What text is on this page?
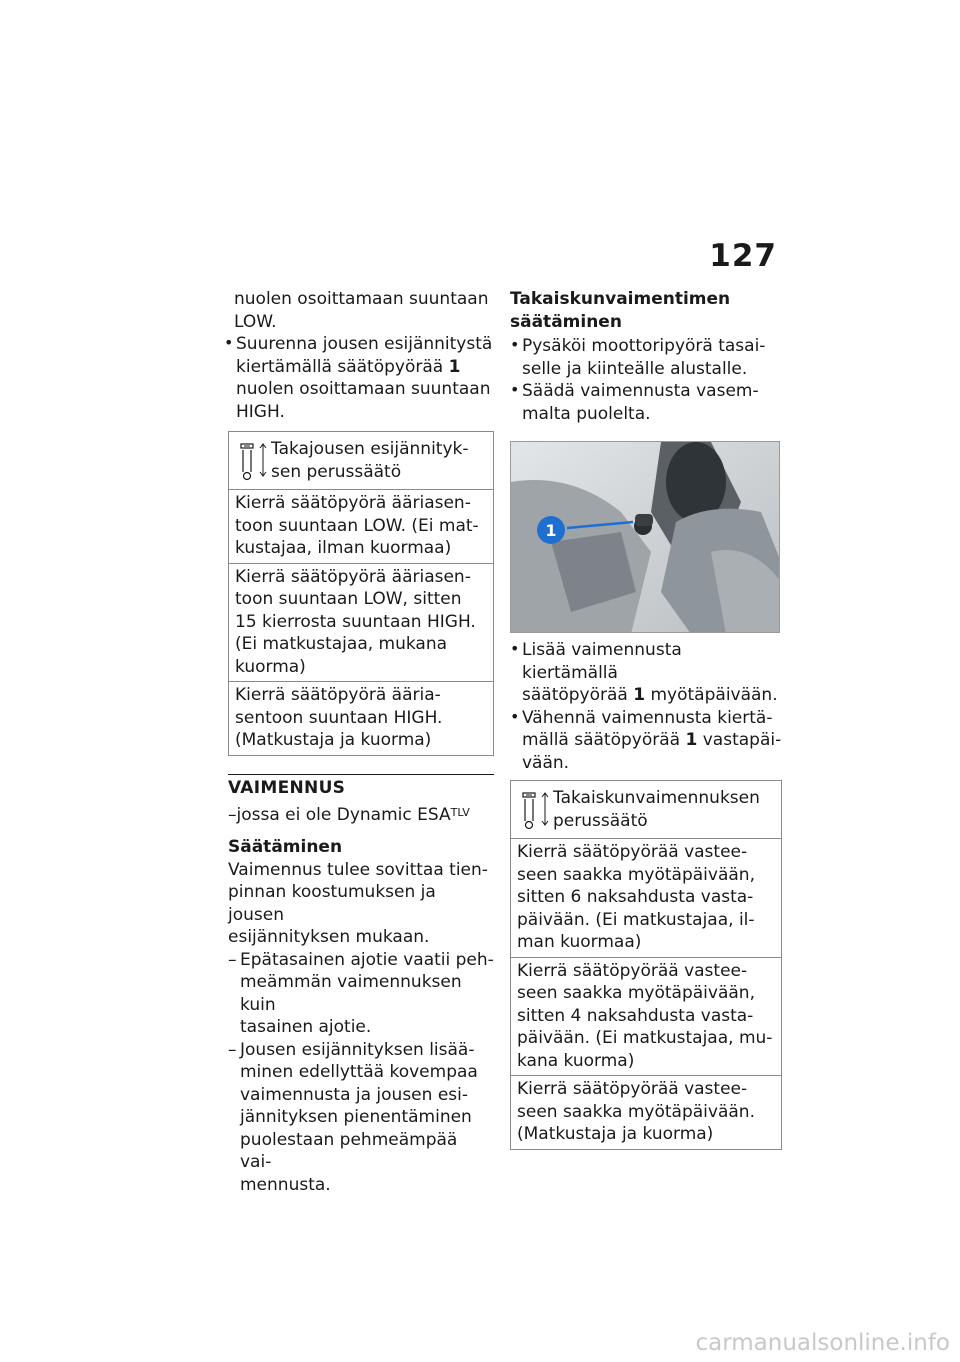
127

nuolen osoittamaan suuntaan

LOW.

• Suurenna jousen esijännitystä

kiertämällä säätöpyörää 1

nuolen osoittamaan suuntaan

HIGH.

Takajousen esijännityk-
sen perussäätö
Kierrä säätöpyörä ääriasen-
toon suuntaan LOW. (Ei mat-
kustajaa, ilman kuormaa)
Kierrä säätöpyörä ääriasen-
toon suuntaan LOW, sitten
15 kierrosta suuntaan HIGH.
(Ei matkustajaa, mukana
kuorma)
Kierrä säätöpyörä ääria-
sentoon suuntaan HIGH.
(Matkustaja ja kuorma)

VAIMENNUS

–jossa ei ole Dynamic $ESA^{TLV}$

Säätäminen

Vaimennus tulee sovittaa tien-
pinnan koostumuksen ja jousen
esijännityksen mukaan.

– Epätasainen ajotie vaatii peh-
meämmän vaimennuksen kuin
tasainen ajotie.

– Jousen esijännityksen lisää-
minen edellyttää kovempaa
vaimennusta ja jousen esi-
jännityksen pienentäminen
puolestaan pehmeämpää vai-
mennusta.

Takaiskunvaimentimen
säätäminen

• Pysäköi moottoripyörä tasai-
selle ja kiinteälle alustalle.

• Säädä vaimennusta vasem-
malta puolelta.

1

• Lisää vaimennusta kiertämällä

säätöpyörää 1 myötäpäivään.

• Vähennä vaimennusta kiertä-

mällä säätöpyörää 1 vastapäi-

vään.

Takaiskunvaimennuksen
perussäätö
Kierrä säätöpyörää vastee-
seen saakka myötäpäivään,
sitten 6 naksahdusta vasta-
päivään. (Ei matkustajaa, il-
man kuormaa)
Kierrä säätöpyörää vastee-
seen saakka myötäpäivään,
sitten 4 naksahdusta vasta-
päivään. (Ei matkustajaa, mu-
kana kuorma)
Kierrä säätöpyörää vastee-
seen saakka myötäpäivään.
(Matkustaja ja kuorma)
carmanualsonline.info
